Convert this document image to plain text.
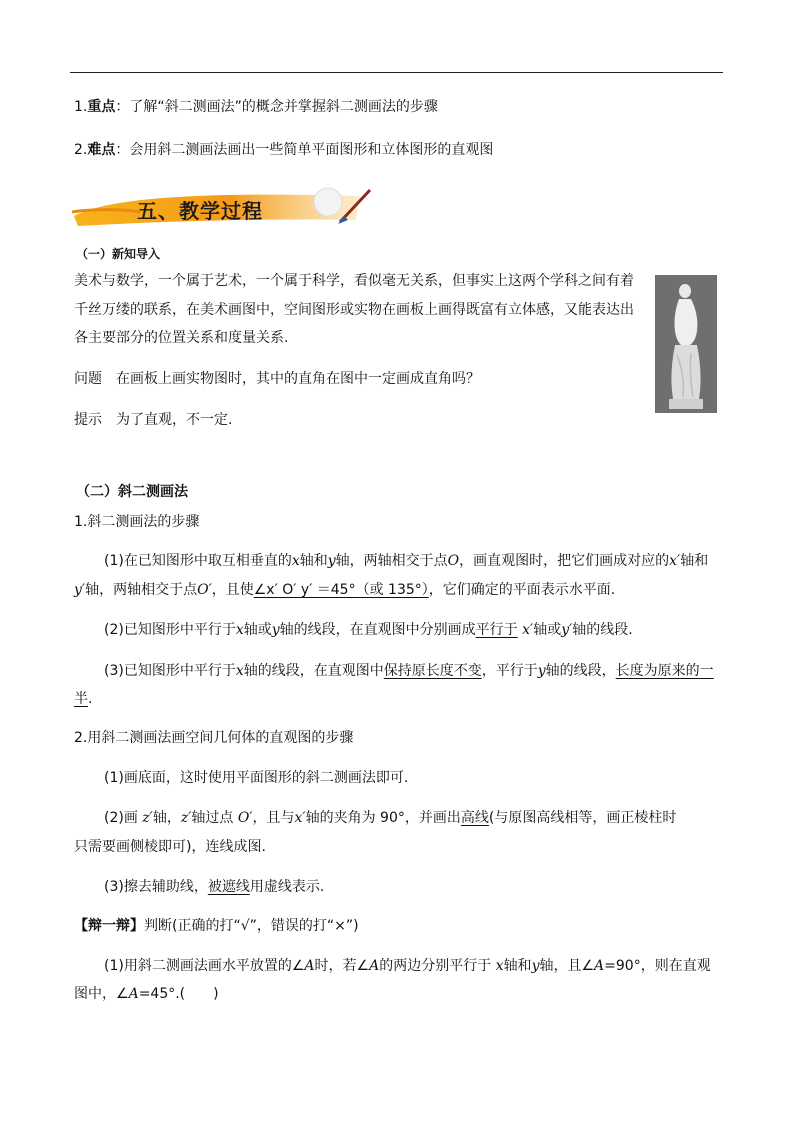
1.重点：了解“斜二测画法”的概念并掌握斜二测画法的步骤
2.难点：会用斜二测画法画出一些简单平面图形和立体图形的直观图
五、教学过程
（一）新知导入
美术与数学，一个属于艺术，一个属于科学，看似毫无关系，但事实上这两个学科之间有着
千丝万缕的联系，在美术画图中，空间图形或实物在画板上画得既富有立体感，又能表达出
各主要部分的位置关系和度量关系.
问题　在画板上画实物图时，其中的直角在图中一定画成直角吗？
提示　为了直观，不一定.
（二）斜二测画法
1.斜二测画法的步骤
(1)在已知图形中取互相垂直的x轴和y轴，两轴相交于点O，画直观图时，把它们画成对应的x′轴和
y′轴，两轴相交于点O′，且使∠x′ O′ y′ ＝45°（或 135°），它们确定的平面表示水平面.
(2)已知图形中平行于x轴或y轴的线段，在直观图中分别画成平行于 x′轴或y′轴的线段.
(3)已知图形中平行于x轴的线段，在直观图中保持原长度不变，平行于y轴的线段，长度为原来的一
半.
2.用斜二测画法画空间几何体的直观图的步骤
(1)画底面，这时使用平面图形的斜二测画法即可.
(2)画 z′轴，z′轴过点 O′，且与x′轴的夹角为 90°，并画出高线(与原图高线相等，画正棱柱时
只需要画侧棱即可)，连线成图.
(3)擦去辅助线，被遮线用虚线表示.
【辩一辩】判断(正确的打“√”，错误的打“×”)
(1)用斜二测画法画水平放置的∠A时，若∠A的两边分别平行于 x轴和y轴，且∠A=90°，则在直观
图中，∠A=45°.(　　)
